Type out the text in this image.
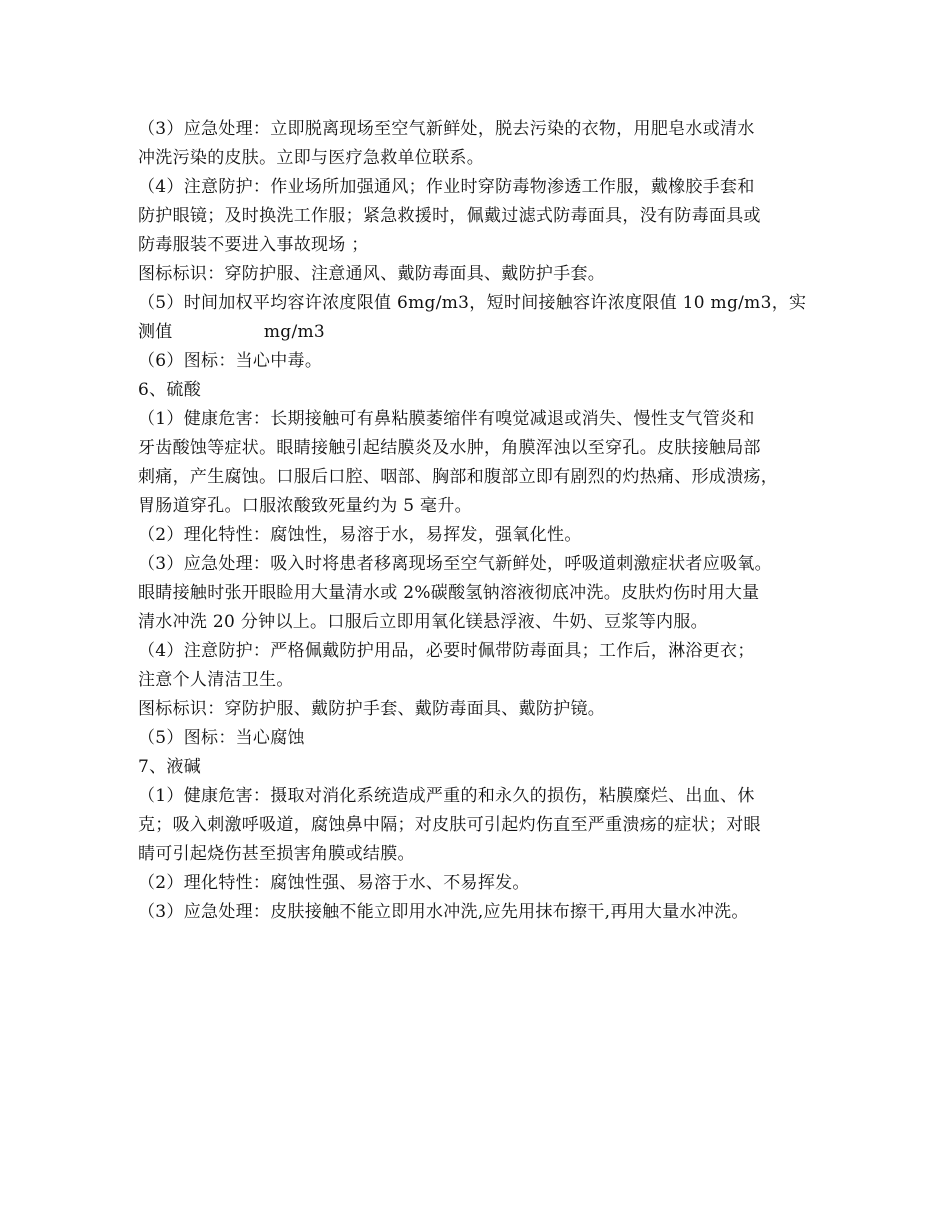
（3）应急处理：立即脱离现场至空气新鲜处，脱去污染的衣物，用肥皂水或清水
冲洗污染的皮肤。立即与医疗急救单位联系。
（4）注意防护：作业场所加强通风；作业时穿防毒物渗透工作服，戴橡胶手套和
防护眼镜；及时换洗工作服；紧急救援时，佩戴过滤式防毒面具，没有防毒面具或
防毒服装不要进入事故现场 ；
图标标识：穿防护服、注意通风、戴防毒面具、戴防护手套。
（5）时间加权平均容许浓度限值 6mg/m3，短时间接触容许浓度限值 10 mg/m3，实
测值                mg/m3
（6）图标：当心中毒。
6、硫酸
（1）健康危害：长期接触可有鼻粘膜萎缩伴有嗅觉减退或消失、慢性支气管炎和
牙齿酸蚀等症状。眼睛接触引起结膜炎及水肿，角膜浑浊以至穿孔。皮肤接触局部
刺痛，产生腐蚀。口服后口腔、咽部、胸部和腹部立即有剧烈的灼热痛、形成溃疡，
胃肠道穿孔。口服浓酸致死量约为 5 毫升。
（2）理化特性：腐蚀性，易溶于水，易挥发，强氧化性。
（3）应急处理：吸入时将患者移离现场至空气新鲜处，呼吸道刺激症状者应吸氧。
眼睛接触时张开眼睑用大量清水或 2%碳酸氢钠溶液彻底冲洗。皮肤灼伤时用大量
清水冲洗 20 分钟以上。口服后立即用氧化镁悬浮液、牛奶、豆浆等内服。
（4）注意防护：严格佩戴防护用品，必要时佩带防毒面具；工作后，淋浴更衣；
注意个人清洁卫生。
图标标识：穿防护服、戴防护手套、戴防毒面具、戴防护镜。
（5）图标：当心腐蚀
7、液碱
（1）健康危害：摄取对消化系统造成严重的和永久的损伤，粘膜糜烂、出血、休
克；吸入刺激呼吸道，腐蚀鼻中隔；对皮肤可引起灼伤直至严重溃疡的症状；对眼
睛可引起烧伤甚至损害角膜或结膜。
（2）理化特性：腐蚀性强、易溶于水、不易挥发。
（3）应急处理：皮肤接触不能立即用水冲洗,应先用抹布擦干,再用大量水冲洗。
